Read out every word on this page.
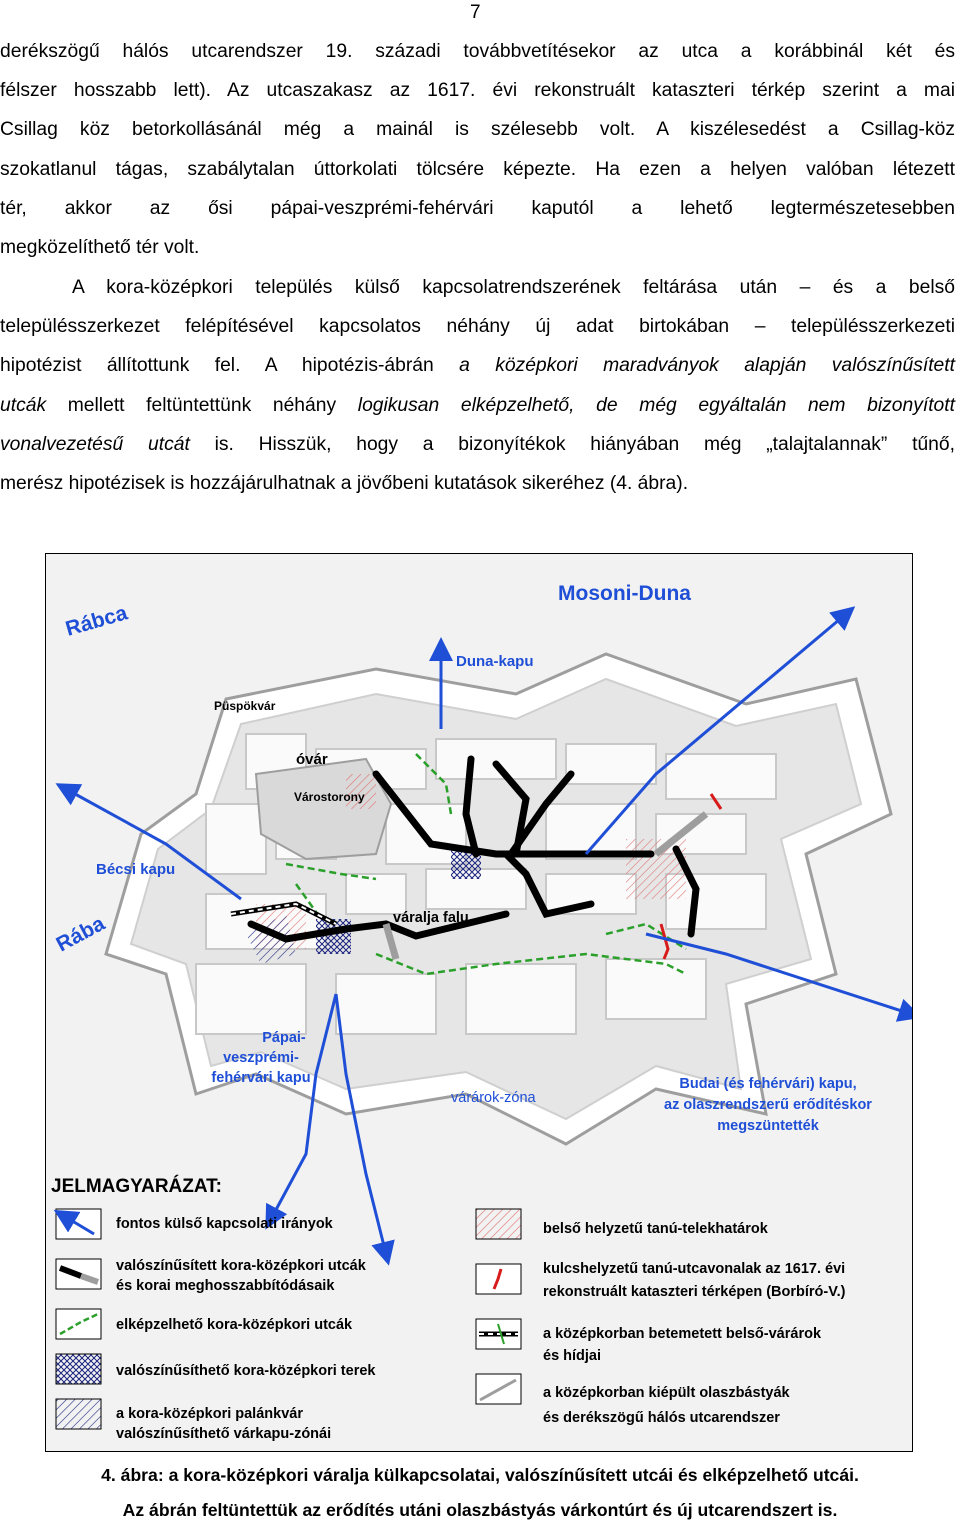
7
derékszögű hálós utcarendszer 19. századi továbbvetítésekor az utca a korábbinál két és
félszer hosszabb lett). Az utcaszakasz az 1617. évi rekonstruált kataszteri térkép szerint a mai
Csillag köz betorkollásánál még a mainál is szélesebb volt. A kiszélesedést a Csillag-köz
szokatlanul tágas, szabálytalan úttorkolati tölcsére képezte. Ha ezen a helyen valóban létezett
tér, akkor az ősi pápai-veszprémi-fehérvári kaputól a lehető legtermészetesebben
megközelíthető tér volt.
A kora-középkori település külső kapcsolatrendszerének feltárása után – és a belső
településszerkezet felépítésével kapcsolatos néhány új adat birtokában – településszerkezeti
hipotézist állítottunk fel. A hipotézis-ábrán a középkori maradványok alapján valószínűsített
utcák mellett feltüntettünk néhány logikusan elképzelhető, de még egyáltalán nem bizonyított
vonalvezetésű utcát is. Hisszük, hogy a bizonyítékok hiányában még „talajtalannak” tűnő,
merész hipotézisek is hozzájárulhatnak a jövőbeni kutatások sikeréhez (4. ábra).
Mosoni-Duna
Rábca
Duna-kapu
Bécsi kapu
Rába
Pápai-
veszprémi-
fehérvári kapu	Budai (és fehérvári) kapu,
az olaszrendszerű erődítéskor
megszüntették
várárok-zóna
Püspökvár
óvár
Várostorony
váralja falu
JELMAGYARÁZAT:
fontos külső kapcsolati irányok
valószínűsített kora-középkori utcák
és korai meghosszabbítódásaik
elképzelhető kora-középkori utcák
valószínűsíthető kora-középkori terek
a kora-középkori palánkvár
valószínűsíthető várkapu-zónái
belső helyzetű tanú-telekhatárok
kulcshelyzetű tanú-utcavonalak az 1617. évi
rekonstruált kataszteri térképen (Borbíró-V.)
a középkorban betemetett belső-várárok
és hídjai
a középkorban kiépült olaszbástyák
és derékszögű hálós utcarendszer
4. ábra: a kora-középkori váralja külkapcsolatai, valószínűsített utcái és elképzelhető utcái.
Az ábrán feltüntettük az erődítés utáni olaszbástyás várkontúrt és új utcarendszert is.
